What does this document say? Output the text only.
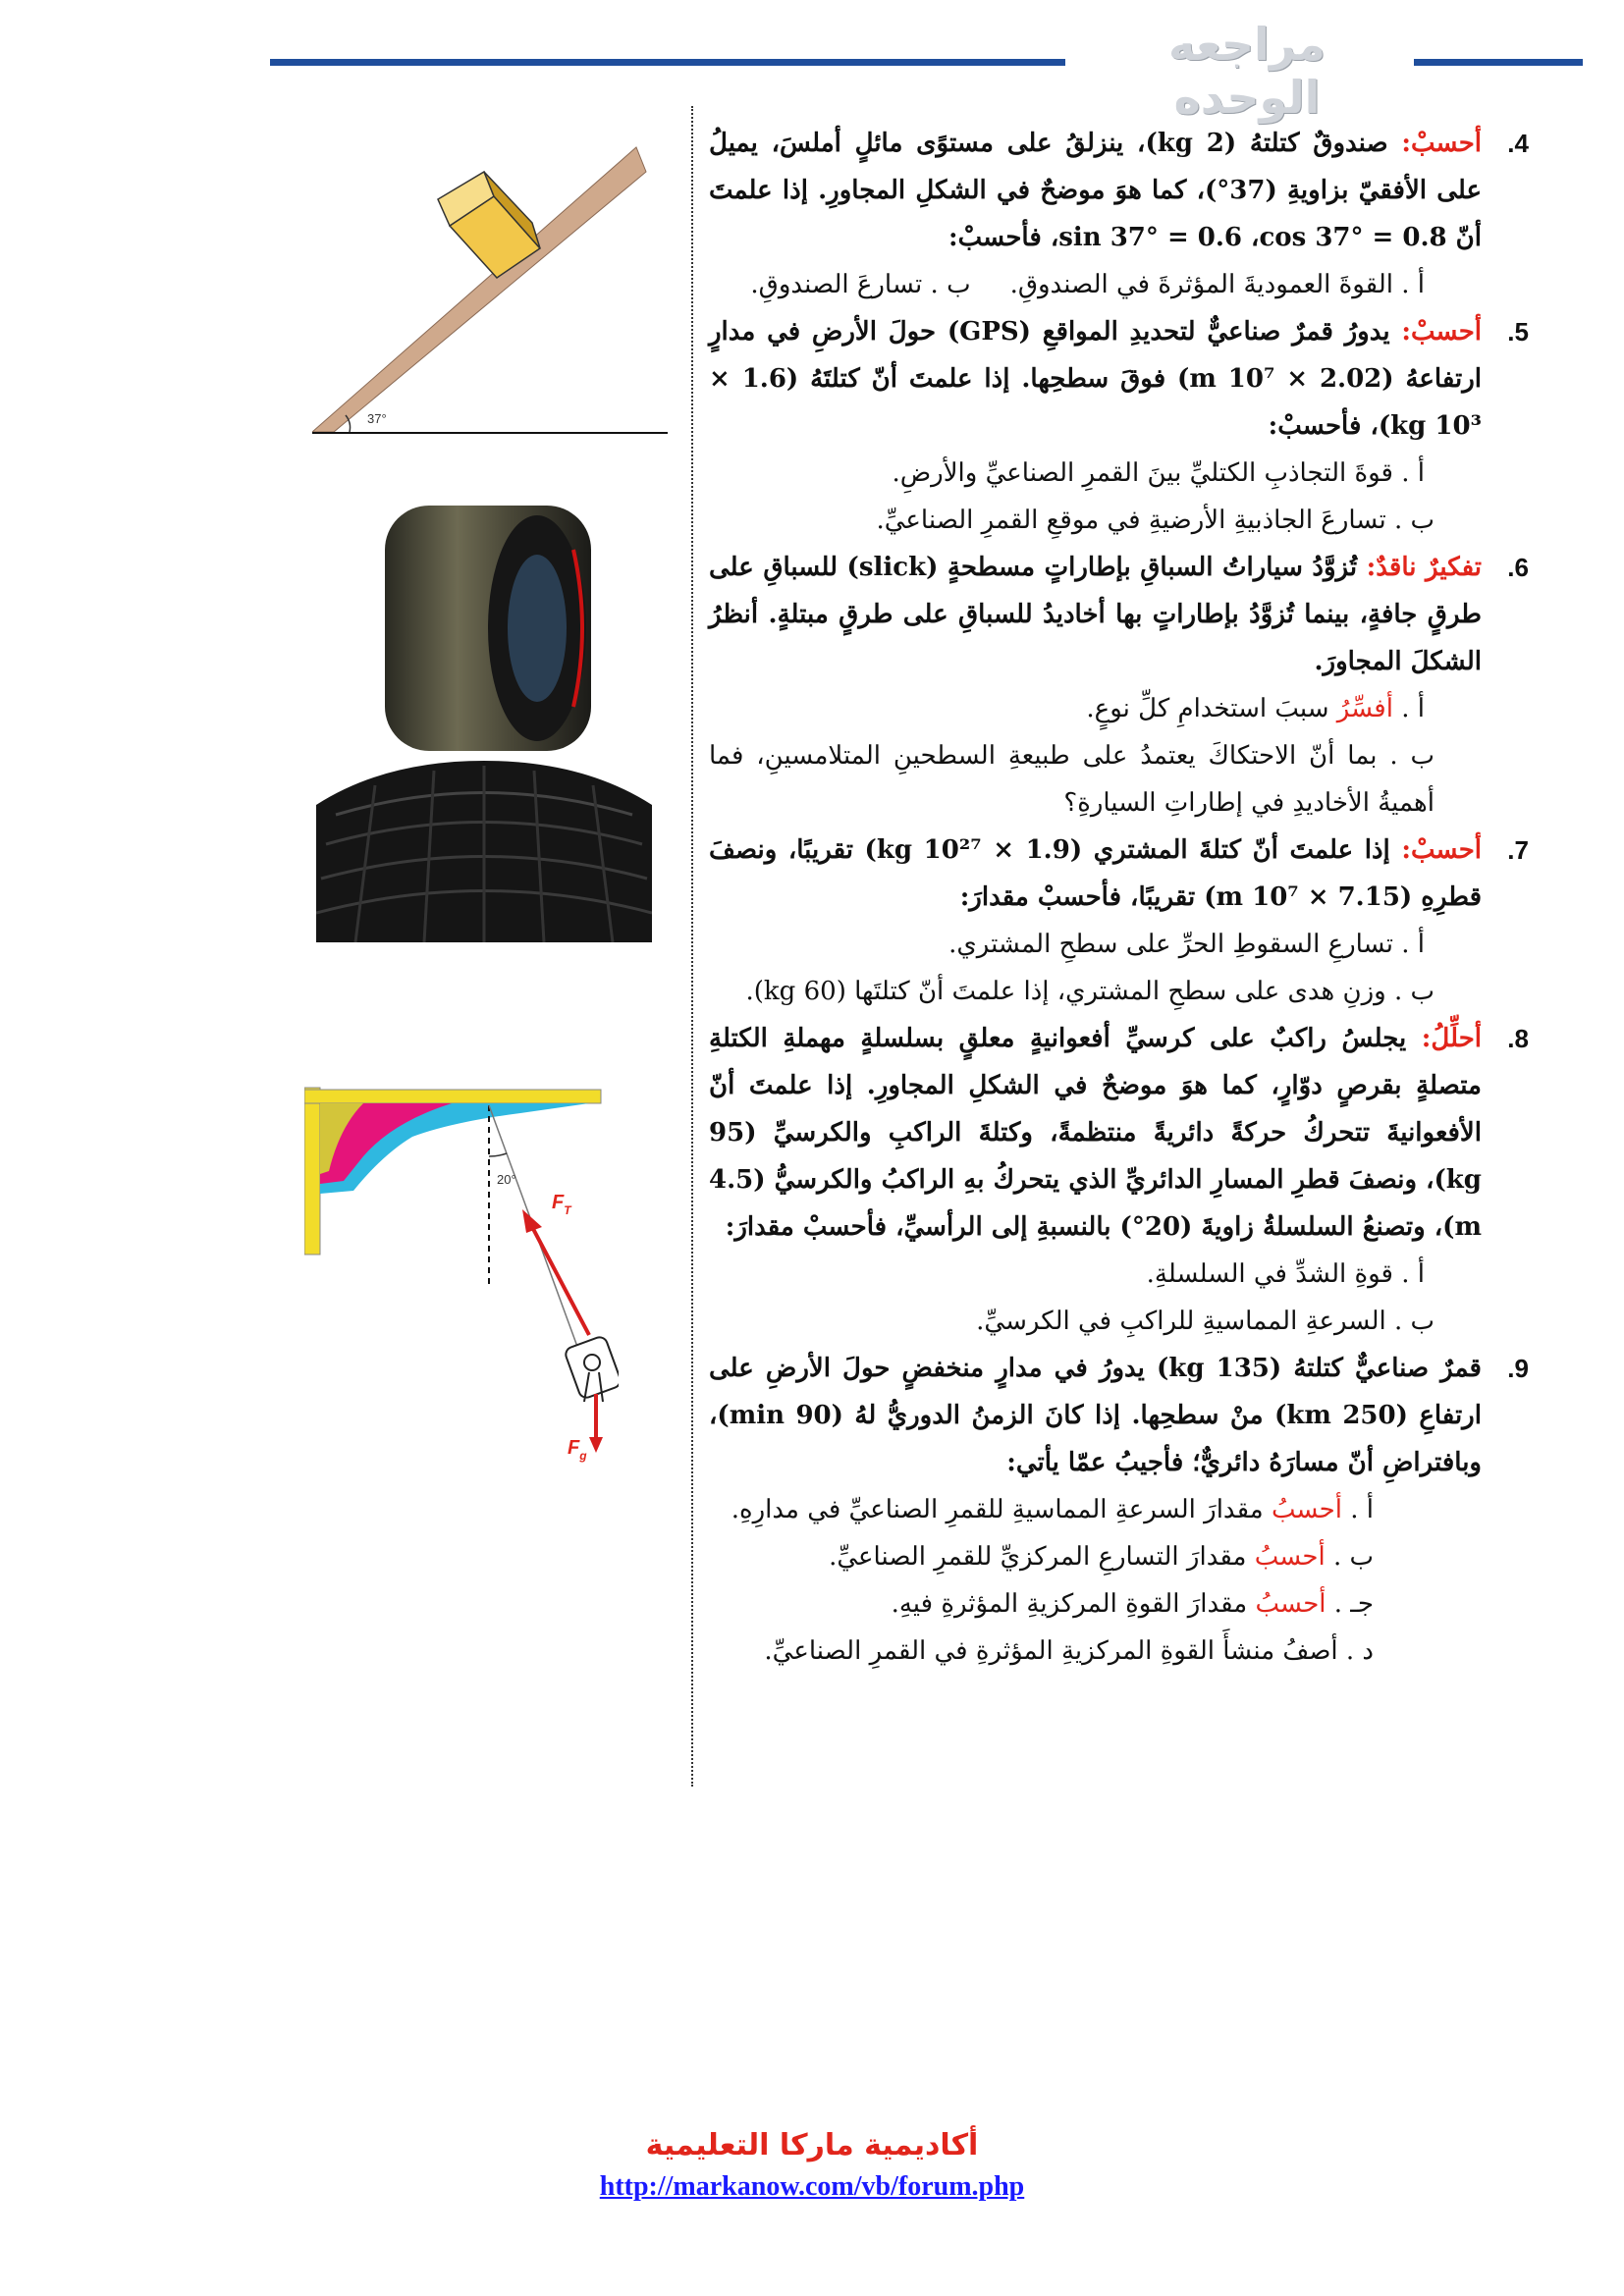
مراجعه الوحده
37°
20°
$F_T$
$F_g$
4.
أحسبْ: صندوقٌ كتلتهُ (2 kg)، ينزلقُ على مستوًى مائلٍ أملسَ، يميلُ على الأفقيّ بزاويةِ (37°)، كما هوَ موضحٌ في الشكلِ المجاورِ. إذا علمتَ أنّ sin 37° = 0.6 ،cos 37° = 0.8، فأحسبْ:
أ . القوةَ العموديةَ المؤثرةَ في الصندوقِ.
ب . تسارعَ الصندوقِ.
5.
أحسبْ: يدورُ قمرٌ صناعيٌّ لتحديدِ المواقعِ (GPS) حولَ الأرضِ في مدارٍ ارتفاعهُ (2.02 × 10⁷ m) فوقَ سطحِها. إذا علمتَ أنّ كتلتَهُ (1.6 × 10³ kg)، فأحسبْ:
أ . قوةَ التجاذبِ الكتليِّ بينَ القمرِ الصناعيِّ والأرضِ.
ب . تسارعَ الجاذبيةِ الأرضيةِ في موقعِ القمرِ الصناعيِّ.
6.
تفكيرٌ ناقدٌ: تُزوَّدُ سياراتُ السباقِ بإطاراتٍ مسطحةٍ (slick) للسباقِ على طرقٍ جافةٍ، بينما تُزوَّدُ بإطاراتٍ بها أخاديدُ للسباقِ على طرقٍ مبتلةٍ. أنظرُ الشكلَ المجاورَ.
أ . أفسِّرُ سببَ استخدامِ كلِّ نوعٍ.
ب . بما أنّ الاحتكاكَ يعتمدُ على طبيعةِ السطحينِ المتلامسينِ، فما أهميةُ الأخاديدِ في إطاراتِ السيارةِ؟
7.
أحسبْ: إذا علمتَ أنّ كتلةَ المشتري (1.9 × 10²⁷ kg) تقريبًا، ونصفَ قطرِهِ (7.15 × 10⁷ m) تقريبًا، فأحسبْ مقدارَ:
أ . تسارعِ السقوطِ الحرِّ على سطحِ المشتري.
ب . وزنِ هدى على سطحِ المشتري، إذا علمتَ أنّ كتلتَها (60 kg).
8.
أحلِّلُ: يجلسُ راكبٌ على كرسيِّ أفعوانيةٍ معلقٍ بسلسلةٍ مهملةِ الكتلةِ متصلةٍ بقرصٍ دوّارٍ، كما هوَ موضحٌ في الشكلِ المجاورِ. إذا علمتَ أنّ الأفعوانيةَ تتحركُ حركةً دائريةً منتظمةً، وكتلةَ الراكبِ والكرسيِّ (95 kg)، ونصفَ قطرِ المسارِ الدائريِّ الذي يتحركُ بهِ الراكبُ والكرسيُّ (4.5 m)، وتصنعُ السلسلةُ زاويةَ (20°) بالنسبةِ إلى الرأسيِّ، فأحسبْ مقدارَ:
أ . قوةِ الشدِّ في السلسلةِ.
ب . السرعةِ المماسيةِ للراكبِ في الكرسيِّ.
9.
قمرٌ صناعيٌّ كتلتهُ (135 kg) يدورُ في مدارٍ منخفضٍ حولَ الأرضِ على ارتفاعِ (250 km) منْ سطحِها. إذا كانَ الزمنُ الدوريُّ لهُ (90 min)، وبافتراضِ أنّ مسارَهُ دائريٌّ؛ فأجيبُ عمّا يأتي:
أ . أحسبُ مقدارَ السرعةِ المماسيةِ للقمرِ الصناعيِّ في مدارِهِ.
ب . أحسبُ مقدارَ التسارعِ المركزيِّ للقمرِ الصناعيِّ.
جـ . أحسبُ مقدارَ القوةِ المركزيةِ المؤثرةِ فيهِ.
د . أصفُ منشأَ القوةِ المركزيةِ المؤثرةِ في القمرِ الصناعيِّ.
أكاديمية ماركا التعليمية
http://markanow.com/vb/forum.php
